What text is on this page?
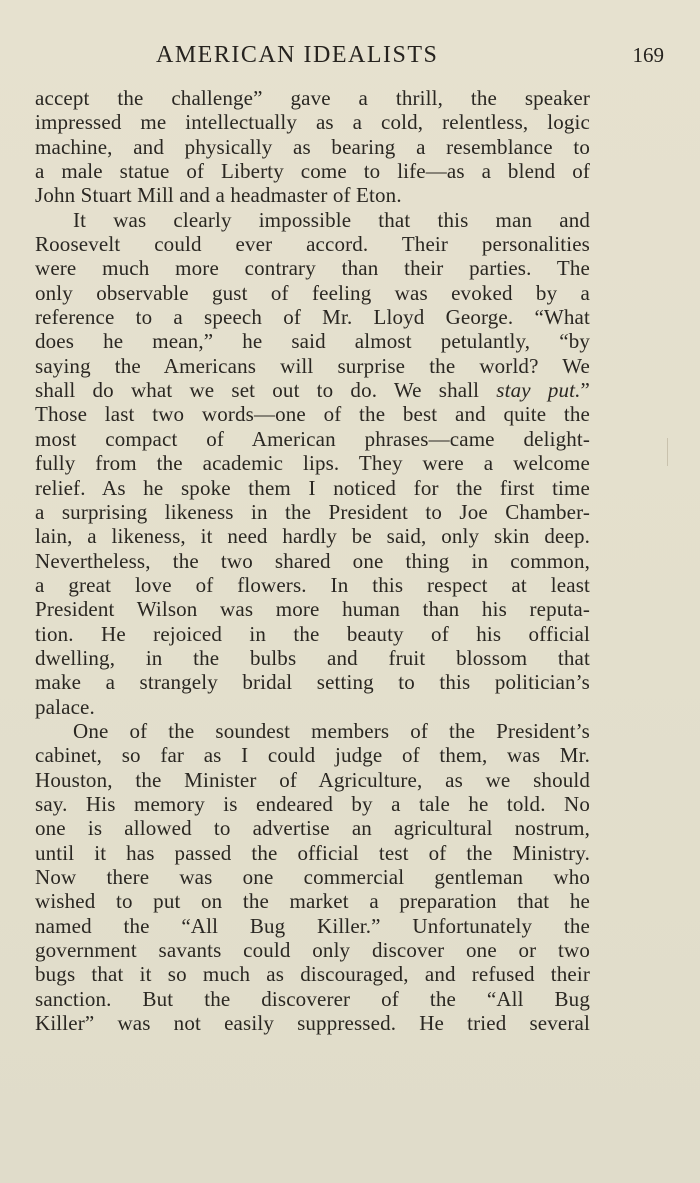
AMERICAN IDEALISTS	169
accept the challenge” gave a thrill, the speaker
impressed me intellectually as a cold, relentless, logic
machine, and physically as bearing a resemblance to
a male statue of Liberty come to life—as a blend of
John Stuart Mill and a headmaster of Eton.
It was clearly impossible that this man and
Roosevelt could ever accord. Their personalities
were much more contrary than their parties. The
only observable gust of feeling was evoked by a
reference to a speech of Mr. Lloyd George. “What
does he mean,” he said almost petulantly, “by
saying the Americans will surprise the world? We
shall do what we set out to do. We shall stay put.”
Those last two words—one of the best and quite the
most compact of American phrases—came delight-
fully from the academic lips. They were a welcome
relief. As he spoke them I noticed for the first time
a surprising likeness in the President to Joe Chamber-
lain, a likeness, it need hardly be said, only skin deep.
Nevertheless, the two shared one thing in common,
a great love of flowers. In this respect at least
President Wilson was more human than his reputa-
tion. He rejoiced in the beauty of his official
dwelling, in the bulbs and fruit blossom that
make a strangely bridal setting to this politician’s
palace.
One of the soundest members of the President’s
cabinet, so far as I could judge of them, was Mr.
Houston, the Minister of Agriculture, as we should
say. His memory is endeared by a tale he told. No
one is allowed to advertise an agricultural nostrum,
until it has passed the official test of the Ministry.
Now there was one commercial gentleman who
wished to put on the market a preparation that he
named the “All Bug Killer.” Unfortunately the
government savants could only discover one or two
bugs that it so much as discouraged, and refused their
sanction. But the discoverer of the “All Bug
Killer” was not easily suppressed. He tried several
